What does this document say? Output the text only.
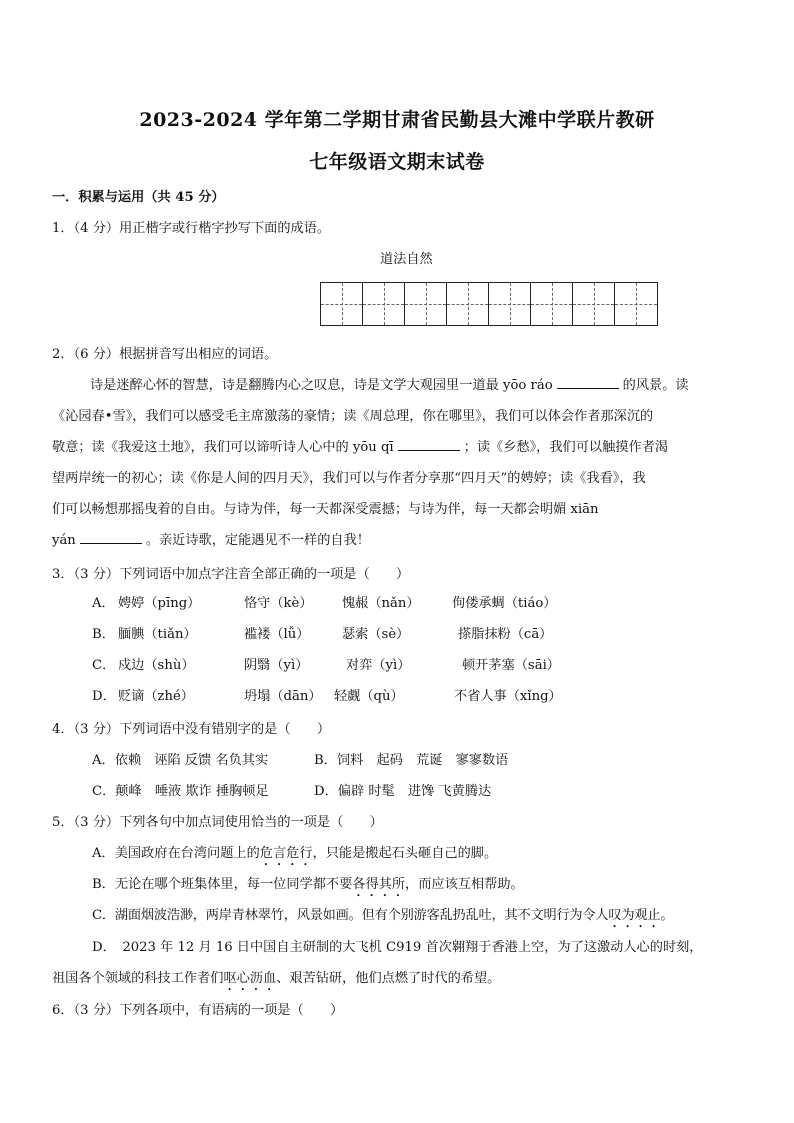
2023-2024 学年第二学期甘肃省民勤县大滩中学联片教研
七年级语文期末试卷
一．积累与运用（共 45 分）
1．（4 分）用正楷字或行楷字抄写下面的成语。
道法自然
2．（6 分）根据拼音写出相应的词语。
诗是迷醉心怀的智慧，诗是翻腾内心之叹息，诗是文学大观园里一道最 yōo ráo	的风景。读
《沁园春•雪》，我们可以感受毛主席激荡的豪情；读《周总理，你在哪里》，我们可以体会作者那深沉的
敬意；读《我爱这土地》，我们可以谛听诗人心中的 yōu qī	；读《乡愁》，我们可以触摸作者渴
望两岸统一的初心；读《你是人间的四月天》，我们可以与作者分享那“四月天”的娉婷；读《我看》，我
们可以畅想那摇曳着的自由。与诗为伴，每一天都深受震撼；与诗为伴，每一天都会明媚 xiān
yán	。亲近诗歌，定能遇见不一样的自我！
3．（3 分）下列词语中加点字注音全部正确的一项是（　　）
A． 娉婷（pīng）	恪守（kè） 愧赧（nǎn） 佝偻承蜩（tiáo）
B． 腼腆（tiǎn）	褴褛（lǚ） 瑟索（sè）	搽脂抹粉（cā）
C． 戍边（shù）	阴翳（yì）	对弈（yì）	顿开茅塞（sāi）
D． 贬谪（zhé）	坍塌（dān） 轻觑（qù）	不省人事（xǐng）
4．（3 分）下列词语中没有错别字的是（　　）
A．依赖　诬陷 反馈 名负其实	B．饲料　起码　荒诞　寥寥数语
C．颠峰　唾液 欺诈 捶胸顿足	D．偏辟 时髦　进馋 飞黄腾达
5．（3 分）下列各句中加点词使用恰当的一项是（　　）
A．美国政府在台湾问题上的危言危行，只能是搬起石头砸自己的脚。
B．无论在哪个班集体里，每一位同学都不要各得其所，而应该互相帮助。
C．湖面烟波浩渺，两岸青林翠竹，风景如画。但有个别游客乱扔乱吐，其不文明行为令人叹为观止。
D．　2023 年 12 月 16 日中国自主研制的大飞机 C919 首次翱翔于香港上空，为了这激动人心的时刻，
祖国各个领域的科技工作者们呕心沥血、艰苦钻研，他们点燃了时代的希望。
6．（3 分）下列各项中，有语病的一项是（　　）
